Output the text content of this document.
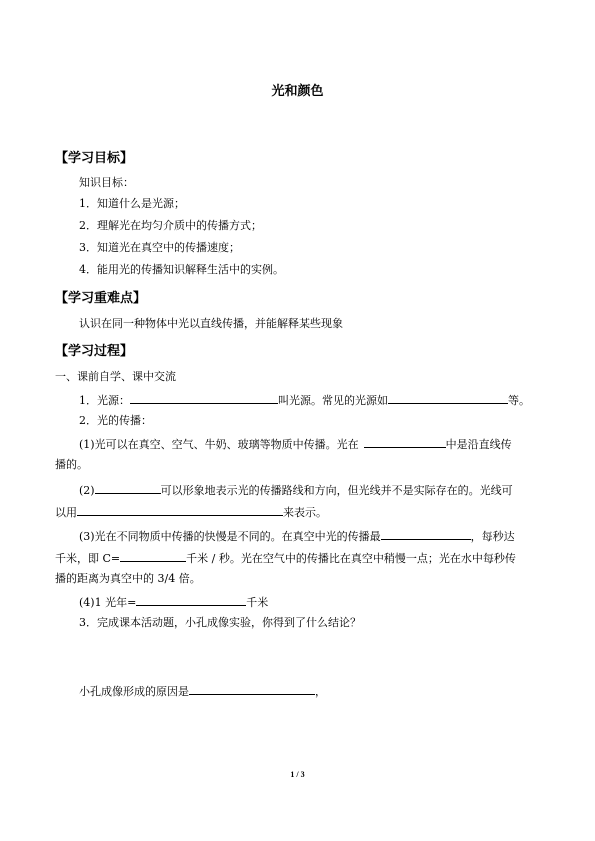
光和颜色
【学习目标】
知识目标：
1．知道什么是光源；
2．理解光在均匀介质中的传播方式；
3．知道光在真空中的传播速度；
4．能用光的传播知识解释生活中的实例。
【学习重难点】
认识在同一种物体中光以直线传播，并能解释某些现象
【学习过程】
一、课前自学、课中交流
1．光源：	叫光源。常见的光源如	等。
2．光的传播：
(1)光可以在真空、空气、牛奶、玻璃等物质中传播。光在	中是沿直线传
播的。
(2)	可以形象地表示光的传播路线和方向，但光线并不是实际存在的。光线可
以用	来表示。
(3)光在不同物质中传播的快慢是不同的。在真空中光的传播最	，每秒达
千米，即 C=	千米 / 秒。光在空气中的传播比在真空中稍慢一点；光在水中每秒传
播的距离为真空中的 3/4 倍。
(4)1 光年=	千米
3．完成课本活动题，小孔成像实验，你得到了什么结论？
小孔成像形成的原因是	，
1 / 3
